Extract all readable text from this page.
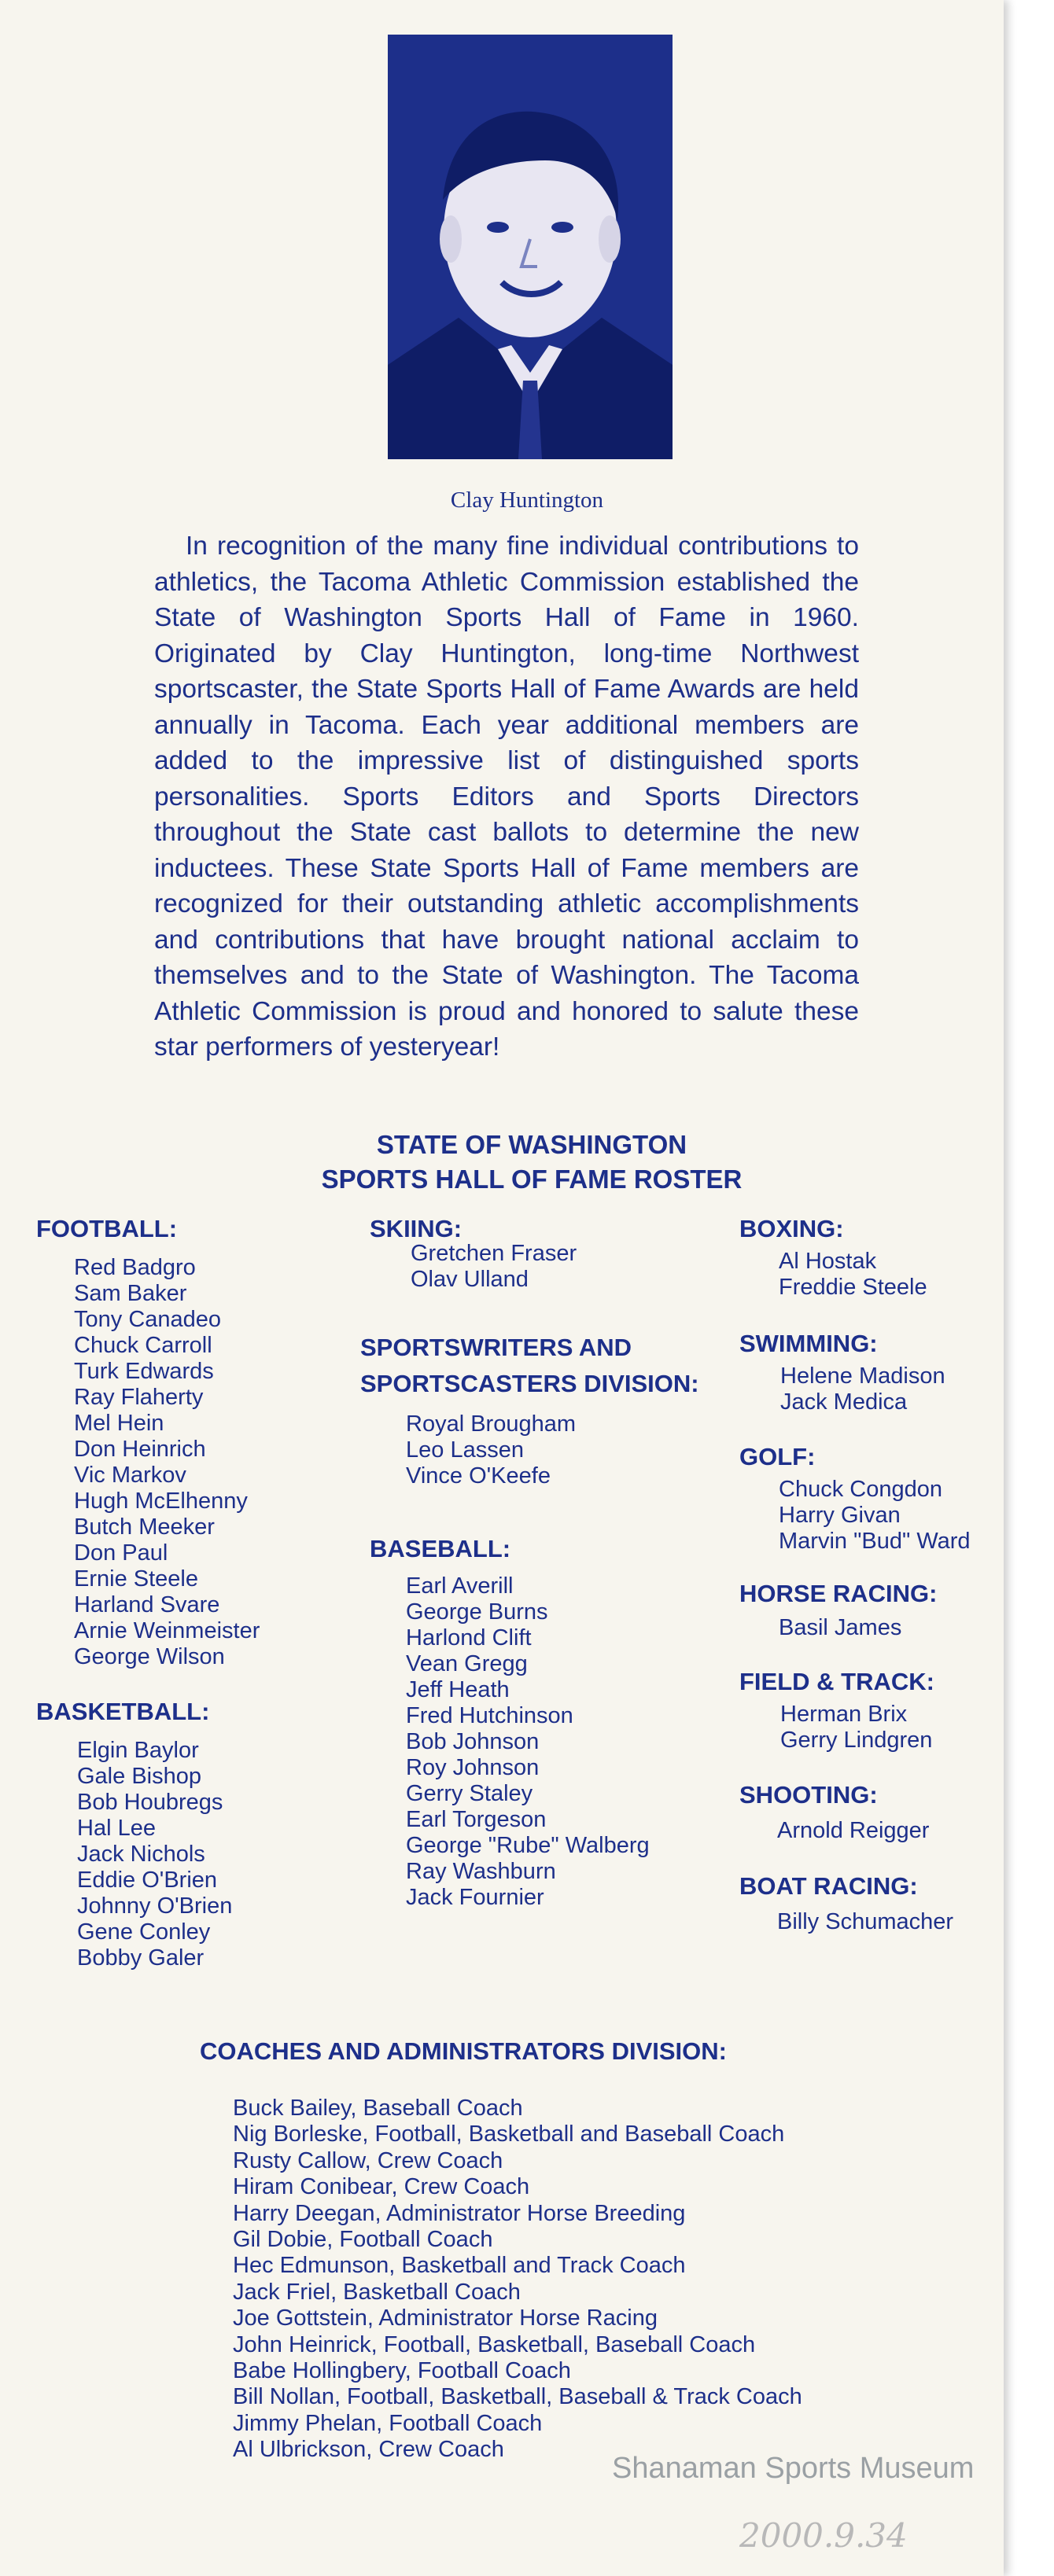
Clay Huntington

In recognition of the many fine individual contributions to athletics, the Tacoma Athletic Commission established the State of Washington Sports Hall of Fame in 1960. Originated by Clay Huntington, long-time Northwest sportscaster, the State Sports Hall of Fame Awards are held annually in Tacoma. Each year additional members are added to the impressive list of distinguished sports personalities. Sports Editors and Sports Directors throughout the State cast ballots to determine the new inductees. These State Sports Hall of Fame members are recognized for their outstanding athletic accomplishments and contributions that have brought national acclaim to themselves and to the State of Washington. The Tacoma Athletic Commission is proud and honored to salute these star performers of yesteryear!

STATE OF WASHINGTON
SPORTS HALL OF FAME ROSTER
FOOTBALL:
Red Badgro
Sam Baker
Tony Canadeo
Chuck Carroll
Turk Edwards
Ray Flaherty
Mel Hein
Don Heinrich
Vic Markov
Hugh McElhenny
Butch Meeker
Don Paul
Ernie Steele
Harland Svare
Arnie Weinmeister
George Wilson
BASKETBALL:
Elgin Baylor
Gale Bishop
Bob Houbregs
Hal Lee
Jack Nichols
Eddie O'Brien
Johnny O'Brien
Gene Conley
Bobby Galer
SKIING:
Gretchen Fraser
Olav Ulland
SPORTSWRITERS AND
SPORTSCASTERS DIVISION:
Royal Brougham
Leo Lassen
Vince O'Keefe
BASEBALL:
Earl Averill
George Burns
Harlond Clift
Vean Gregg
Jeff Heath
Fred Hutchinson
Bob Johnson
Roy Johnson
Gerry Staley
Earl Torgeson
George "Rube" Walberg
Ray Washburn
Jack Fournier
BOXING:
Al Hostak
Freddie Steele
SWIMMING:
Helene Madison
Jack Medica
GOLF:
Chuck Congdon
Harry Givan
Marvin "Bud" Ward
HORSE RACING:
Basil James
FIELD & TRACK:
Herman Brix
Gerry Lindgren
SHOOTING:
Arnold Reigger
BOAT RACING:
Billy Schumacher
COACHES AND ADMINISTRATORS DIVISION:
Buck Bailey, Baseball Coach
Nig Borleske, Football, Basketball and Baseball Coach
Rusty Callow, Crew Coach
Hiram Conibear, Crew Coach
Harry Deegan, Administrator Horse Breeding
Gil Dobie, Football Coach
Hec Edmunson, Basketball and Track Coach
Jack Friel, Basketball Coach
Joe Gottstein, Administrator Horse Racing
John Heinrick, Football, Basketball, Baseball Coach
Babe Hollingbery, Football Coach
Bill Nollan, Football, Basketball, Baseball & Track Coach
Jimmy Phelan, Football Coach
Al Ulbrickson, Crew Coach
Shanaman Sports Museum
2000.9.34
